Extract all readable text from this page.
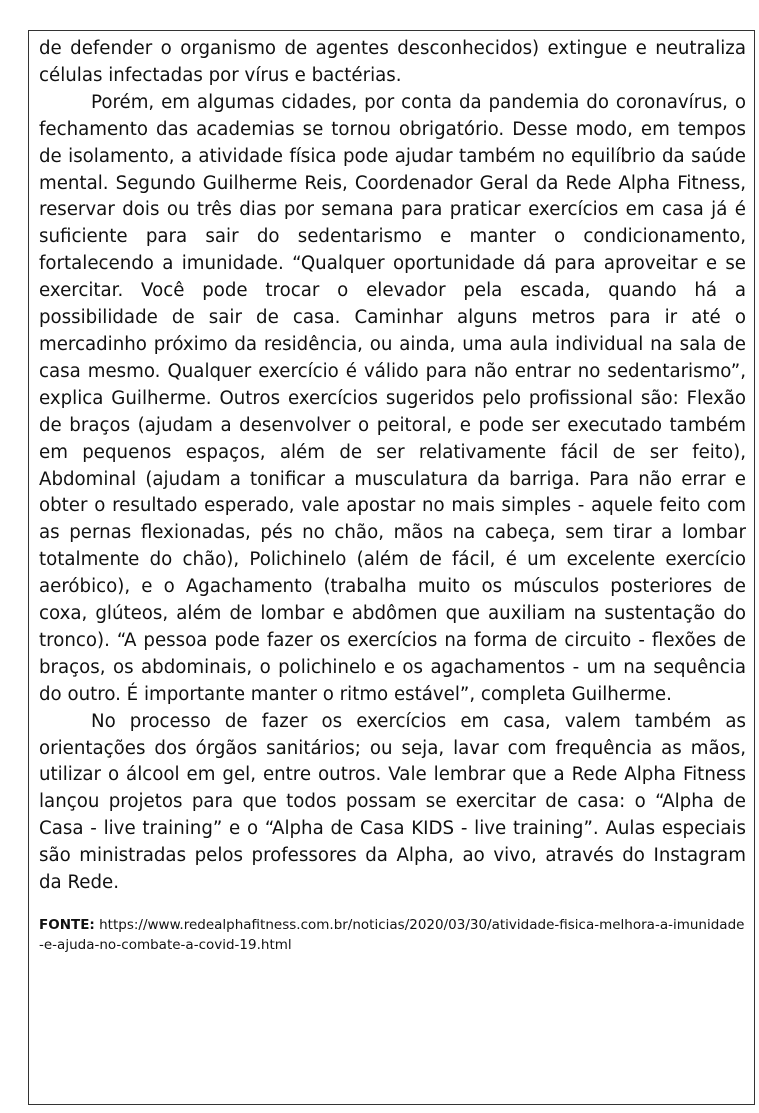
de defender o organismo de agentes desconhecidos) extingue e neutraliza células infectadas por vírus e bactérias.

Porém, em algumas cidades, por conta da pandemia do coronavírus, o fechamento das academias se tornou obrigatório. Desse modo, em tempos de isolamento, a atividade física pode ajudar também no equilíbrio da saúde mental. Segundo Guilherme Reis, Coordenador Geral da Rede Alpha Fitness, reservar dois ou três dias por semana para praticar exercícios em casa já é suficiente para sair do sedentarismo e manter o condicionamento, fortalecendo a imunidade. “Qualquer oportunidade dá para aproveitar e se exercitar. Você pode trocar o elevador pela escada, quando há a possibilidade de sair de casa. Caminhar alguns metros para ir até o mercadinho próximo da residência, ou ainda, uma aula individual na sala de casa mesmo. Qualquer exercício é válido para não entrar no sedentarismo”, explica Guilherme. Outros exercícios sugeridos pelo profissional são: Flexão de braços (ajudam a desenvolver o peitoral, e pode ser executado também em pequenos espaços, além de ser relativamente fácil de ser feito), Abdominal (ajudam a tonificar a musculatura da barriga. Para não errar e obter o resultado esperado, vale apostar no mais simples - aquele feito com as pernas flexionadas, pés no chão, mãos na cabeça, sem tirar a lombar totalmente do chão), Polichinelo (além de fácil, é um excelente exercício aeróbico), e o Agachamento (trabalha muito os músculos posteriores de coxa, glúteos, além de lombar e abdômen que auxiliam na sustentação do tronco). “A pessoa pode fazer os exercícios na forma de circuito - flexões de braços, os abdominais, o polichinelo e os agachamentos - um na sequência do outro. É importante manter o ritmo estável”, completa Guilherme.

No processo de fazer os exercícios em casa, valem também as orientações dos órgãos sanitários; ou seja, lavar com frequência as mãos, utilizar o álcool em gel, entre outros. Vale lembrar que a Rede Alpha Fitness lançou projetos para que todos possam se exercitar de casa: o “Alpha de Casa - live training” e o “Alpha de Casa KIDS - live training”. Aulas especiais são ministradas pelos professores da Alpha, ao vivo, através do Instagram da Rede.

FONTE: https://www.redealphafitness.com.br/noticias/2020/03/30/atividade-fisica-melhora-a-imunidade-e-ajuda-no-combate-a-covid-19.html
